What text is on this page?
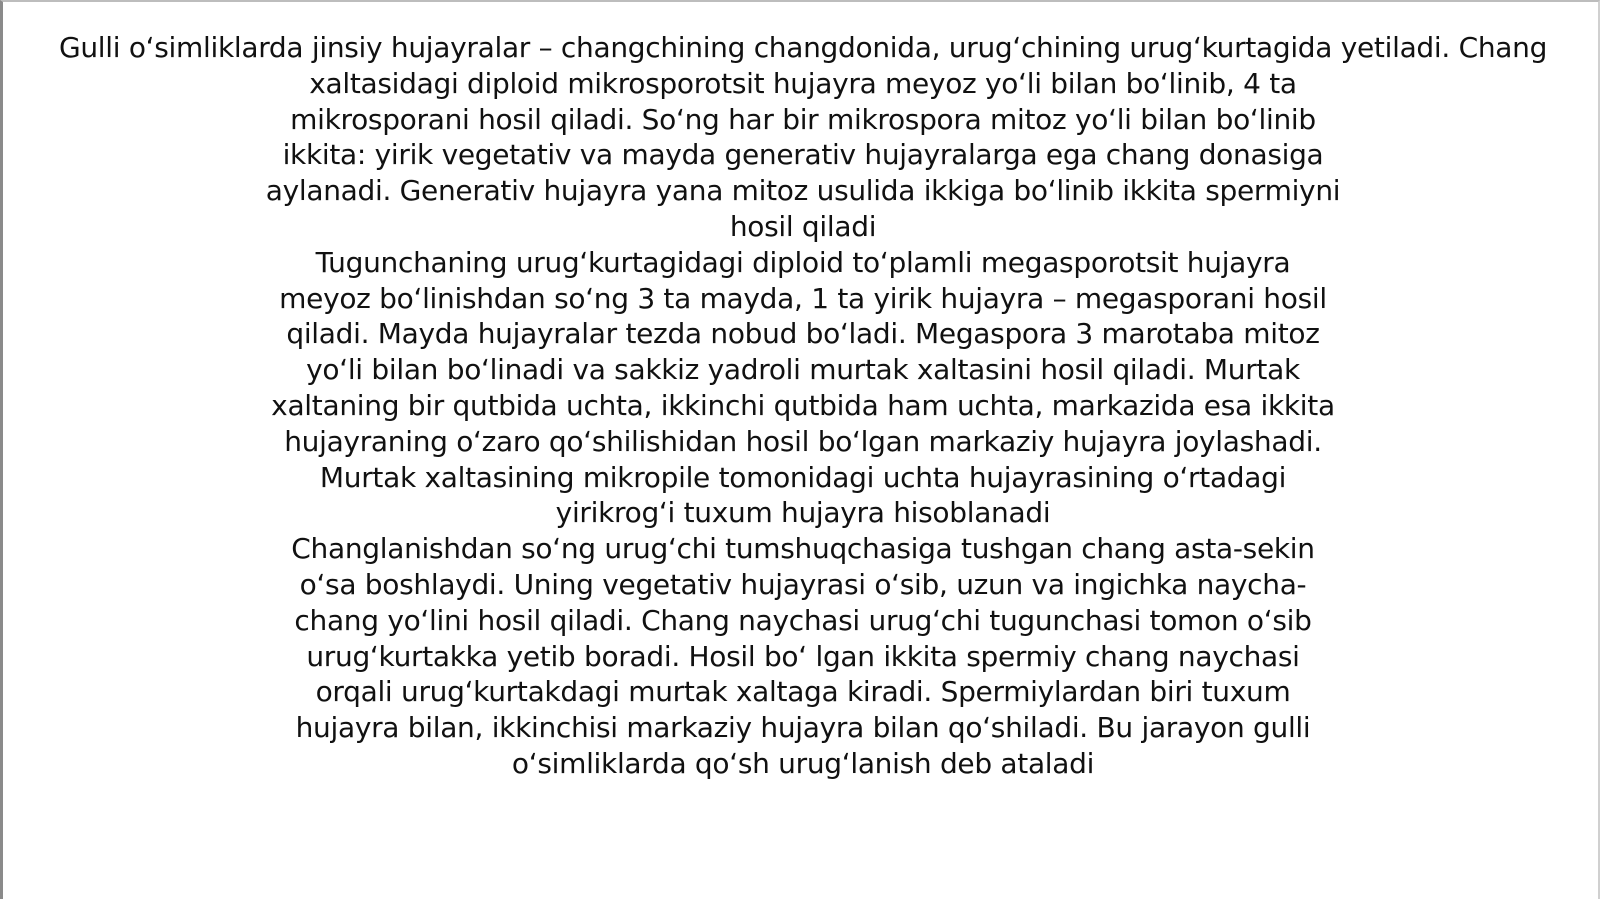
Gulli oʻsimliklarda jinsiy hujayralar – changchining changdonida, urugʻchining urugʻkurtagida yetiladi. Chang
xaltasidagi diploid mikrosporotsit hujayra meyoz yoʻli bilan boʻlinib, 4 ta
mikrosporani hosil qiladi. Soʻng har bir mikrospora mitoz yoʻli bilan boʻlinib
ikkita: yirik vegetativ va mayda generativ hujayralarga ega chang donasiga
aylanadi. Generativ hujayra yana mitoz usulida ikkiga boʻlinib ikkita spermiyni
hosil qiladi
Tugunchaning urugʻkurtagidagi diploid toʻplamli megasporotsit hujayra
meyoz boʻlinishdan soʻng 3 ta mayda, 1 ta yirik hujayra – megasporani hosil
qiladi. Mayda hujayralar tezda nobud boʻladi. Megaspora 3 marotaba mitoz
yoʻli bilan boʻlinadi va sakkiz yadroli murtak xaltasini hosil qiladi. Murtak
xaltaning bir qutbida uchta, ikkinchi qutbida ham uchta, markazida esa ikkita
hujayraning oʻzaro qoʻshilishidan hosil boʻlgan markaziy hujayra joylashadi.
Murtak xaltasining mikropile tomonidagi uchta hujayrasining oʻrtadagi
yirikrogʻi tuxum hujayra hisoblanadi
Changlanishdan soʻng urugʻchi tumshuqchasiga tushgan chang asta-sekin
oʻsa boshlaydi. Uning vegetativ hujayrasi oʻsib, uzun va ingichka naycha-
chang yoʻlini hosil qiladi. Chang naychasi urugʻchi tugunchasi tomon oʻsib
urugʻkurtakka yetib boradi. Hosil boʻ lgan ikkita spermiy chang naychasi
orqali urugʻkurtakdagi murtak xaltaga kiradi. Spermiylardan biri tuxum
hujayra bilan, ikkinchisi markaziy hujayra bilan qoʻshiladi. Bu jarayon gulli
oʻsimliklarda qoʻsh urugʻlanish deb ataladi
